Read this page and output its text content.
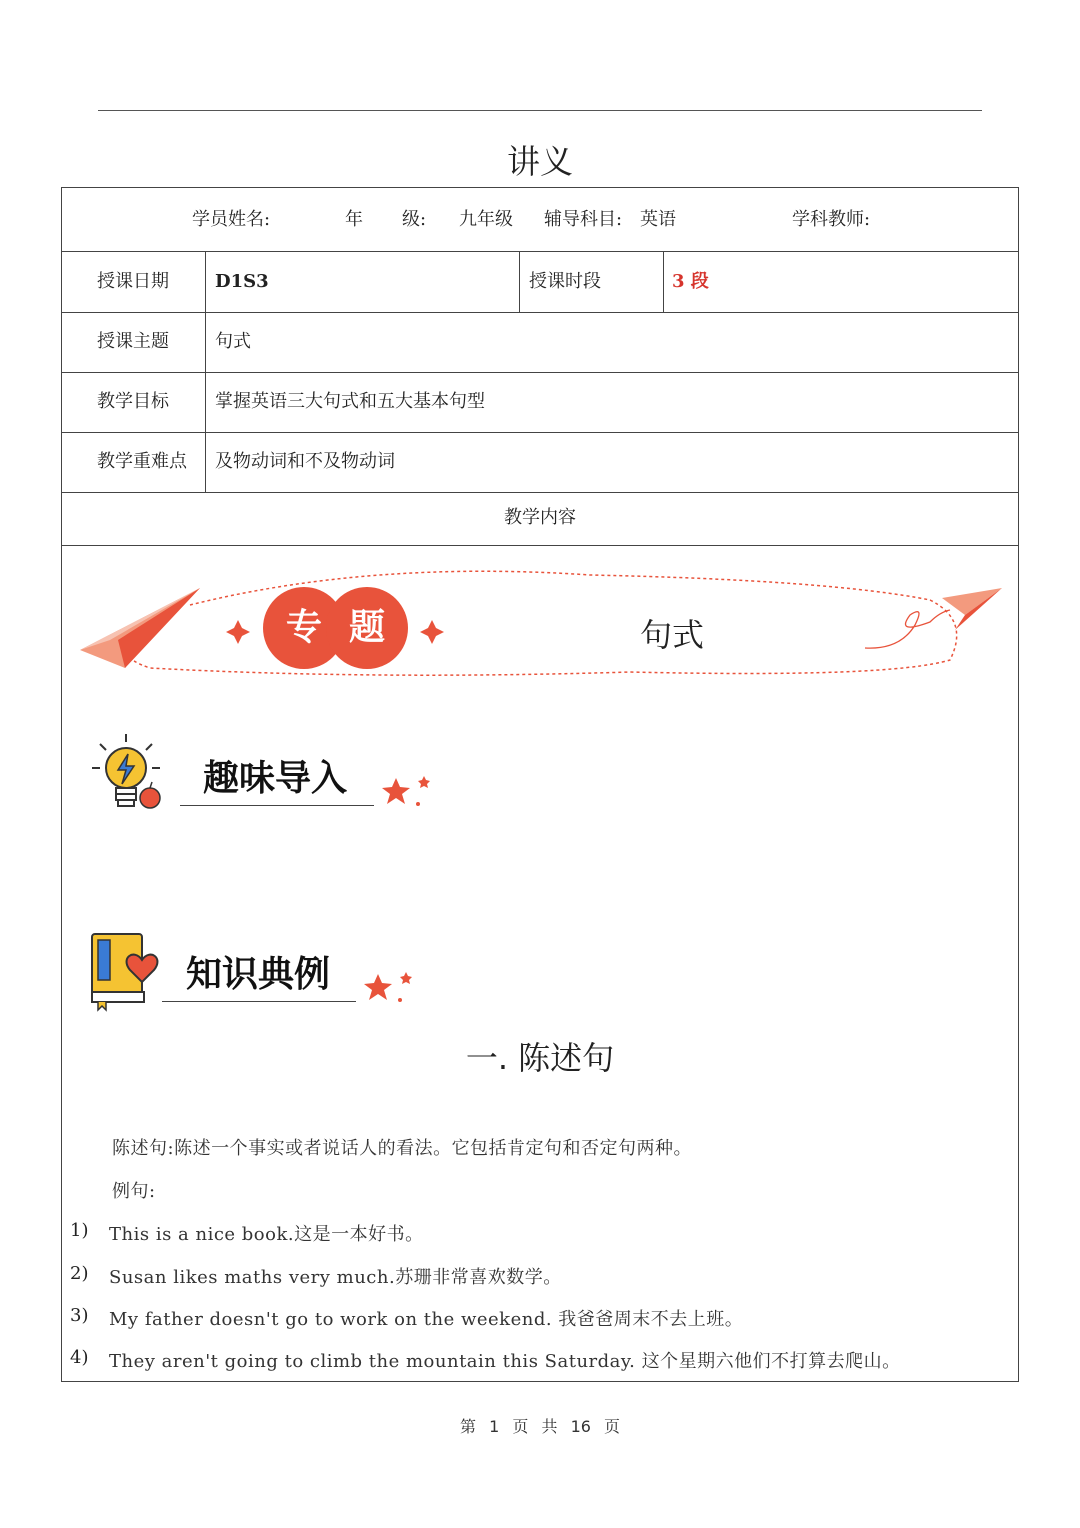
讲义
学员姓名:	年 级: 九年级 辅导科目: 英语	学科教师:
授课日期	D1S3	授课时段	3 段
授课主题	句式
教学目标	掌握英语三大句式和五大基本句型
教学重难点 及物动词和不及物动词
教学内容
专 题	句式
趣味导入
知识典例
一. 陈述句
陈述句:陈述一个事实或者说话人的看法。它包括肯定句和否定句两种。
例句:
1) This is a nice book.这是一本好书。
2) Susan likes maths very much.苏珊非常喜欢数学。
3) My father doesn't go to work on the weekend. 我爸爸周末不去上班。
4) They aren't going to climb the mountain this Saturday. 这个星期六他们不打算去爬山。
第 1 页 共 16 页
